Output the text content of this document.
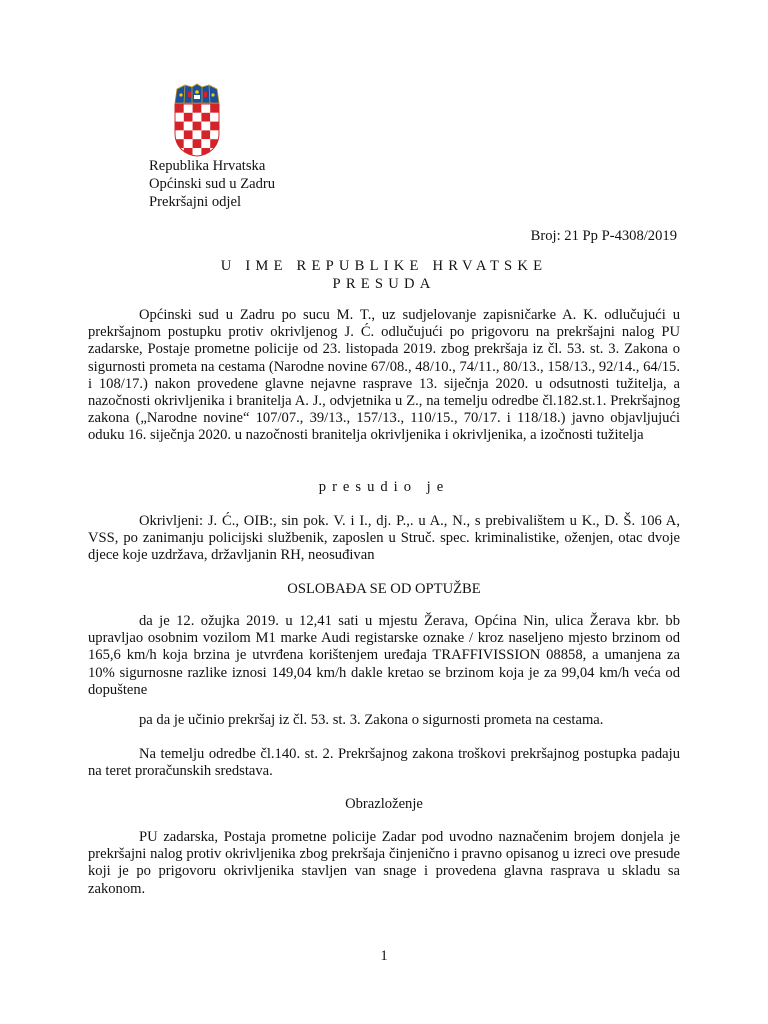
Republika Hrvatska
Općinski sud u Zadru
Prekršajni odjel
Broj: 21 Pp P-4308/2019
U IME REPUBLIKE HRVATSKE
PRESUDA
Općinski sud u Zadru po sucu M. T., uz sudjelovanje zapisničarke A. K. odlučujući u prekršajnom postupku protiv okrivljenog J. Ć. odlučujući po prigovoru na prekršajni nalog PU zadarske, Postaje prometne policije od 23. listopada 2019. zbog prekršaja iz čl. 53. st. 3. Zakona o sigurnosti prometa na cestama (Narodne novine 67/08., 48/10., 74/11., 80/13., 158/13., 92/14., 64/15. i 108/17.) nakon provedene glavne nejavne rasprave 13. siječnja 2020. u odsutnosti tužitelja, a nazočnosti okrivljenika i branitelja A. J., odvjetnika u Z., na temelju odredbe čl.182.st.1. Prekršajnog zakona („Narodne novine“ 107/07., 39/13., 157/13., 110/15., 70/17. i 118/18.) javno objavljujući oduku 16. siječnja 2020. u nazočnosti branitelja okrivljenika i okrivljenika, a izočnosti tužitelja
presudio je
Okrivljeni: J. Ć., OIB:, sin pok. V. i I., dj. P.,. u A., N., s prebivalištem u K., D. Š. 106 A, VSS, po zanimanju policijski službenik, zaposlen u Struč. spec. kriminalistike, oženjen, otac dvoje djece koje uzdržava, državljanin RH, neosuđivan
OSLOBAĐA SE OD OPTUŽBE
da je 12. ožujka 2019. u 12,41 sati u mjestu Žerava, Općina Nin, ulica Žerava kbr. bb upravljao osobnim vozilom M1 marke Audi registarske oznake / kroz naseljeno mjesto brzinom od 165,6 km/h koja brzina je utvrđena korištenjem uređaja TRAFFIVISSION 08858, a umanjena za 10% sigurnosne razlike iznosi 149,04 km/h dakle kretao se brzinom koja je za 99,04 km/h veća od dopuštene
pa da je učinio prekršaj iz čl. 53. st. 3. Zakona o sigurnosti prometa na cestama.
Na temelju odredbe čl.140. st. 2. Prekršajnog zakona troškovi prekršajnog postupka padaju na teret proračunskih sredstava.
Obrazloženje
PU zadarska, Postaja prometne policije Zadar pod uvodno naznačenim brojem donjela je prekršajni nalog protiv okrivljenika zbog prekršaja činjenično i pravno opisanog u izreci ove presude koji je po prigovoru okrivljenika stavljen van snage i provedena glavna rasprava u skladu sa zakonom.
1
